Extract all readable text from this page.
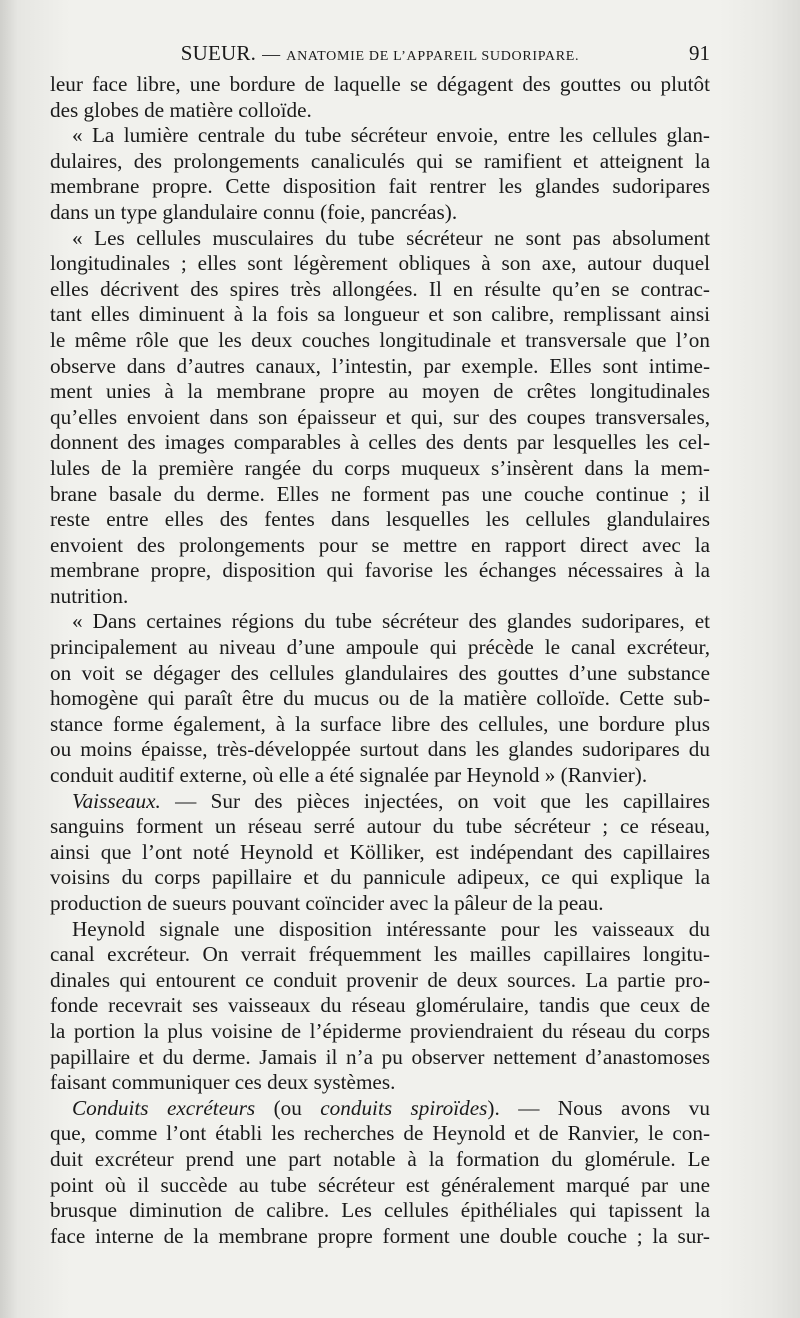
SUEUR. — ANATOMIE DE L’APPAREIL SUDORIPARE.	91
leur face libre, une bordure de laquelle se dégagent des gouttes ou plutôt
des globes de matière colloïde.
« La lumière centrale du tube sécréteur envoie, entre les cellules glan-
dulaires, des prolongements canaliculés qui se ramifient et atteignent la
membrane propre. Cette disposition fait rentrer les glandes sudoripares
dans un type glandulaire connu (foie, pancréas).
« Les cellules musculaires du tube sécréteur ne sont pas absolument
longitudinales ; elles sont légèrement obliques à son axe, autour duquel
elles décrivent des spires très allongées. Il en résulte qu’en se contrac-
tant elles diminuent à la fois sa longueur et son calibre, remplissant ainsi
le même rôle que les deux couches longitudinale et transversale que l’on
observe dans d’autres canaux, l’intestin, par exemple. Elles sont intime-
ment unies à la membrane propre au moyen de crêtes longitudinales
qu’elles envoient dans son épaisseur et qui, sur des coupes transversales,
donnent des images comparables à celles des dents par lesquelles les cel-
lules de la première rangée du corps muqueux s’insèrent dans la mem-
brane basale du derme. Elles ne forment pas une couche continue ; il
reste entre elles des fentes dans lesquelles les cellules glandulaires
envoient des prolongements pour se mettre en rapport direct avec la
membrane propre, disposition qui favorise les échanges nécessaires à la
nutrition.
« Dans certaines régions du tube sécréteur des glandes sudoripares, et
principalement au niveau d’une ampoule qui précède le canal excréteur,
on voit se dégager des cellules glandulaires des gouttes d’une substance
homogène qui paraît être du mucus ou de la matière colloïde. Cette sub-
stance forme également, à la surface libre des cellules, une bordure plus
ou moins épaisse, très-développée surtout dans les glandes sudoripares du
conduit auditif externe, où elle a été signalée par Heynold » (Ranvier).
Vaisseaux. — Sur des pièces injectées, on voit que les capillaires
sanguins forment un réseau serré autour du tube sécréteur ; ce réseau,
ainsi que l’ont noté Heynold et Kölliker, est indépendant des capillaires
voisins du corps papillaire et du pannicule adipeux, ce qui explique la
production de sueurs pouvant coïncider avec la pâleur de la peau.
Heynold signale une disposition intéressante pour les vaisseaux du
canal excréteur. On verrait fréquemment les mailles capillaires longitu-
dinales qui entourent ce conduit provenir de deux sources. La partie pro-
fonde recevrait ses vaisseaux du réseau glomérulaire, tandis que ceux de
la portion la plus voisine de l’épiderme proviendraient du réseau du corps
papillaire et du derme. Jamais il n’a pu observer nettement d’anastomoses
faisant communiquer ces deux systèmes.
Conduits excréteurs (ou conduits spiroïdes). — Nous avons vu
que, comme l’ont établi les recherches de Heynold et de Ranvier, le con-
duit excréteur prend une part notable à la formation du glomérule. Le
point où il succède au tube sécréteur est généralement marqué par une
brusque diminution de calibre. Les cellules épithéliales qui tapissent la
face interne de la membrane propre forment une double couche ; la sur-
